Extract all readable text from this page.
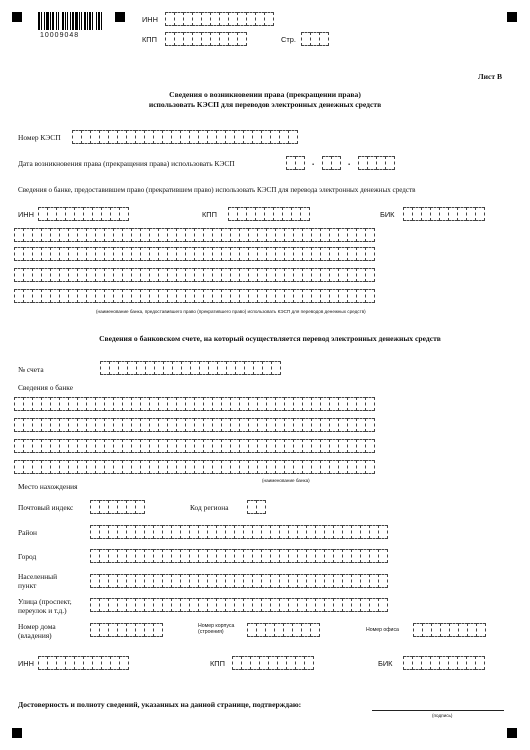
10009048
ИНН
КПП	Стр.
Лист В
Сведения о возникновении права (прекращении права)
использовать КЭСП для переводов электронных денежных средств
Номер КЭСП
Дата возникновения права (прекращения права) использовать КЭСП	.	.
Сведения о банке, предоставившем право (прекратившем право) использовать КЭСП для перевода электронных денежных средств
ИНН	КПП	БИК
(наименование банка, предоставившего право (прекратившего право) использовать КЭСП для переводов денежных средств)
Сведения о банковском счете, на который осуществляется перевод электронных денежных средств
№ счета
Сведения о банке
(наименование банка)
Место нахождения
Почтовый индекс	Код региона
Район
Город
Населенный пункт
Улица (проспект, переулок и т.д.)
Номер дома (владения)
Номер корпуса (строения)	Номер офиса
ИНН	КПП	БИК
Достоверность и полноту сведений, указанных на данной странице, подтверждаю:
(подпись)
